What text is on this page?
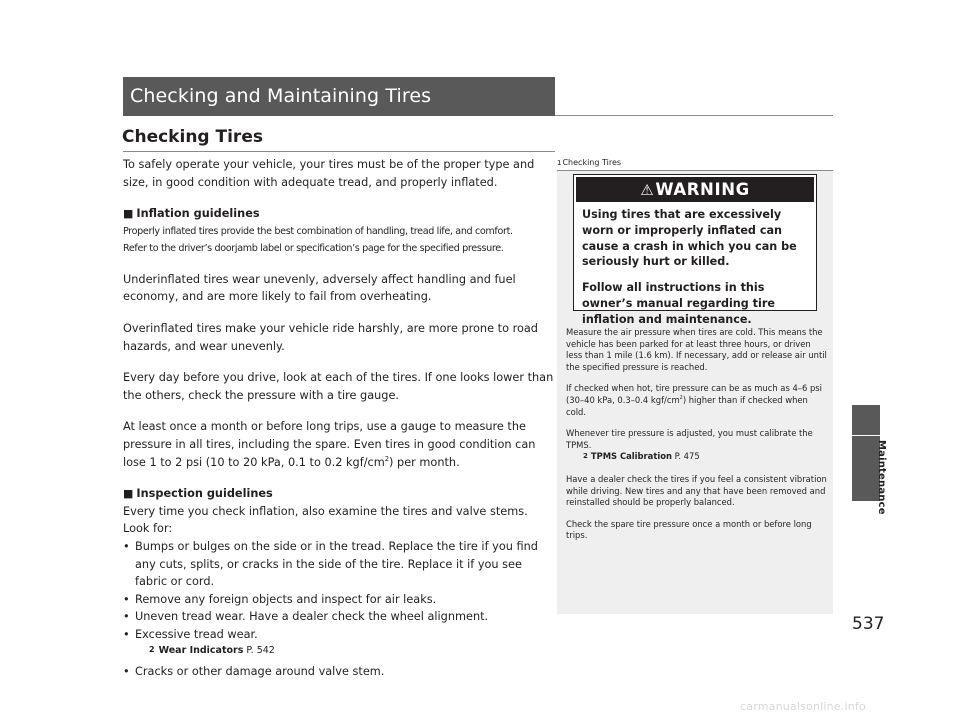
Checking and Maintaining Tires
Checking Tires

To safely operate your vehicle, your tires must be of the proper type and size, in good condition with adequate tread, and properly inflated.

■ Inflation guidelines

Properly inflated tires provide the best combination of handling, tread life, and comfort.

Refer to the driver’s doorjamb label or specification’s page for the specified pressure.

Underinflated tires wear unevenly, adversely affect handling and fuel economy, and are more likely to fail from overheating.

Overinflated tires make your vehicle ride harshly, are more prone to road hazards, and wear unevenly.

Every day before you drive, look at each of the tires. If one looks lower than the others, check the pressure with a tire gauge.

At least once a month or before long trips, use a gauge to measure the pressure in all tires, including the spare. Even tires in good condition can lose 1 to 2 psi (10 to 20 kPa, 0.1 to 0.2 kgf/$cm^2$) per month.

■ Inspection guidelines

Every time you check inflation, also examine the tires and valve stems.

Look for:

• Bumps or bulges on the side or in the tread. Replace the tire if you find any cuts, splits, or cracks in the side of the tire. Replace it if you see fabric or cord.

• Remove any foreign objects and inspect for air leaks.

• Uneven tread wear. Have a dealer check the wheel alignment.

• Excessive tread wear.

2 Wear Indicators P. 542

• Cracks or other damage around valve stem.

1Checking Tires
⚠WARNING

Using tires that are excessively worn or improperly inflated can cause a crash in which you can be seriously hurt or killed.

Follow all instructions in this owner’s manual regarding tire inflation and maintenance.

Measure the air pressure when tires are cold. This means the vehicle has been parked for at least three hours, or driven less than 1 mile (1.6 km). If necessary, add or release air until the specified pressure is reached.

If checked when hot, tire pressure can be as much as 4–6 psi (30–40 kPa, 0.3–0.4 kgf/$cm^2$) higher than if checked when cold.

Whenever tire pressure is adjusted, you must calibrate the TPMS.

2 TPMS Calibration P. 475

Have a dealer check the tires if you feel a consistent vibration while driving. New tires and any that have been removed and reinstalled should be properly balanced.

Check the spare tire pressure once a month or before long trips.

Maintenance
537
carmanualsonline.info
